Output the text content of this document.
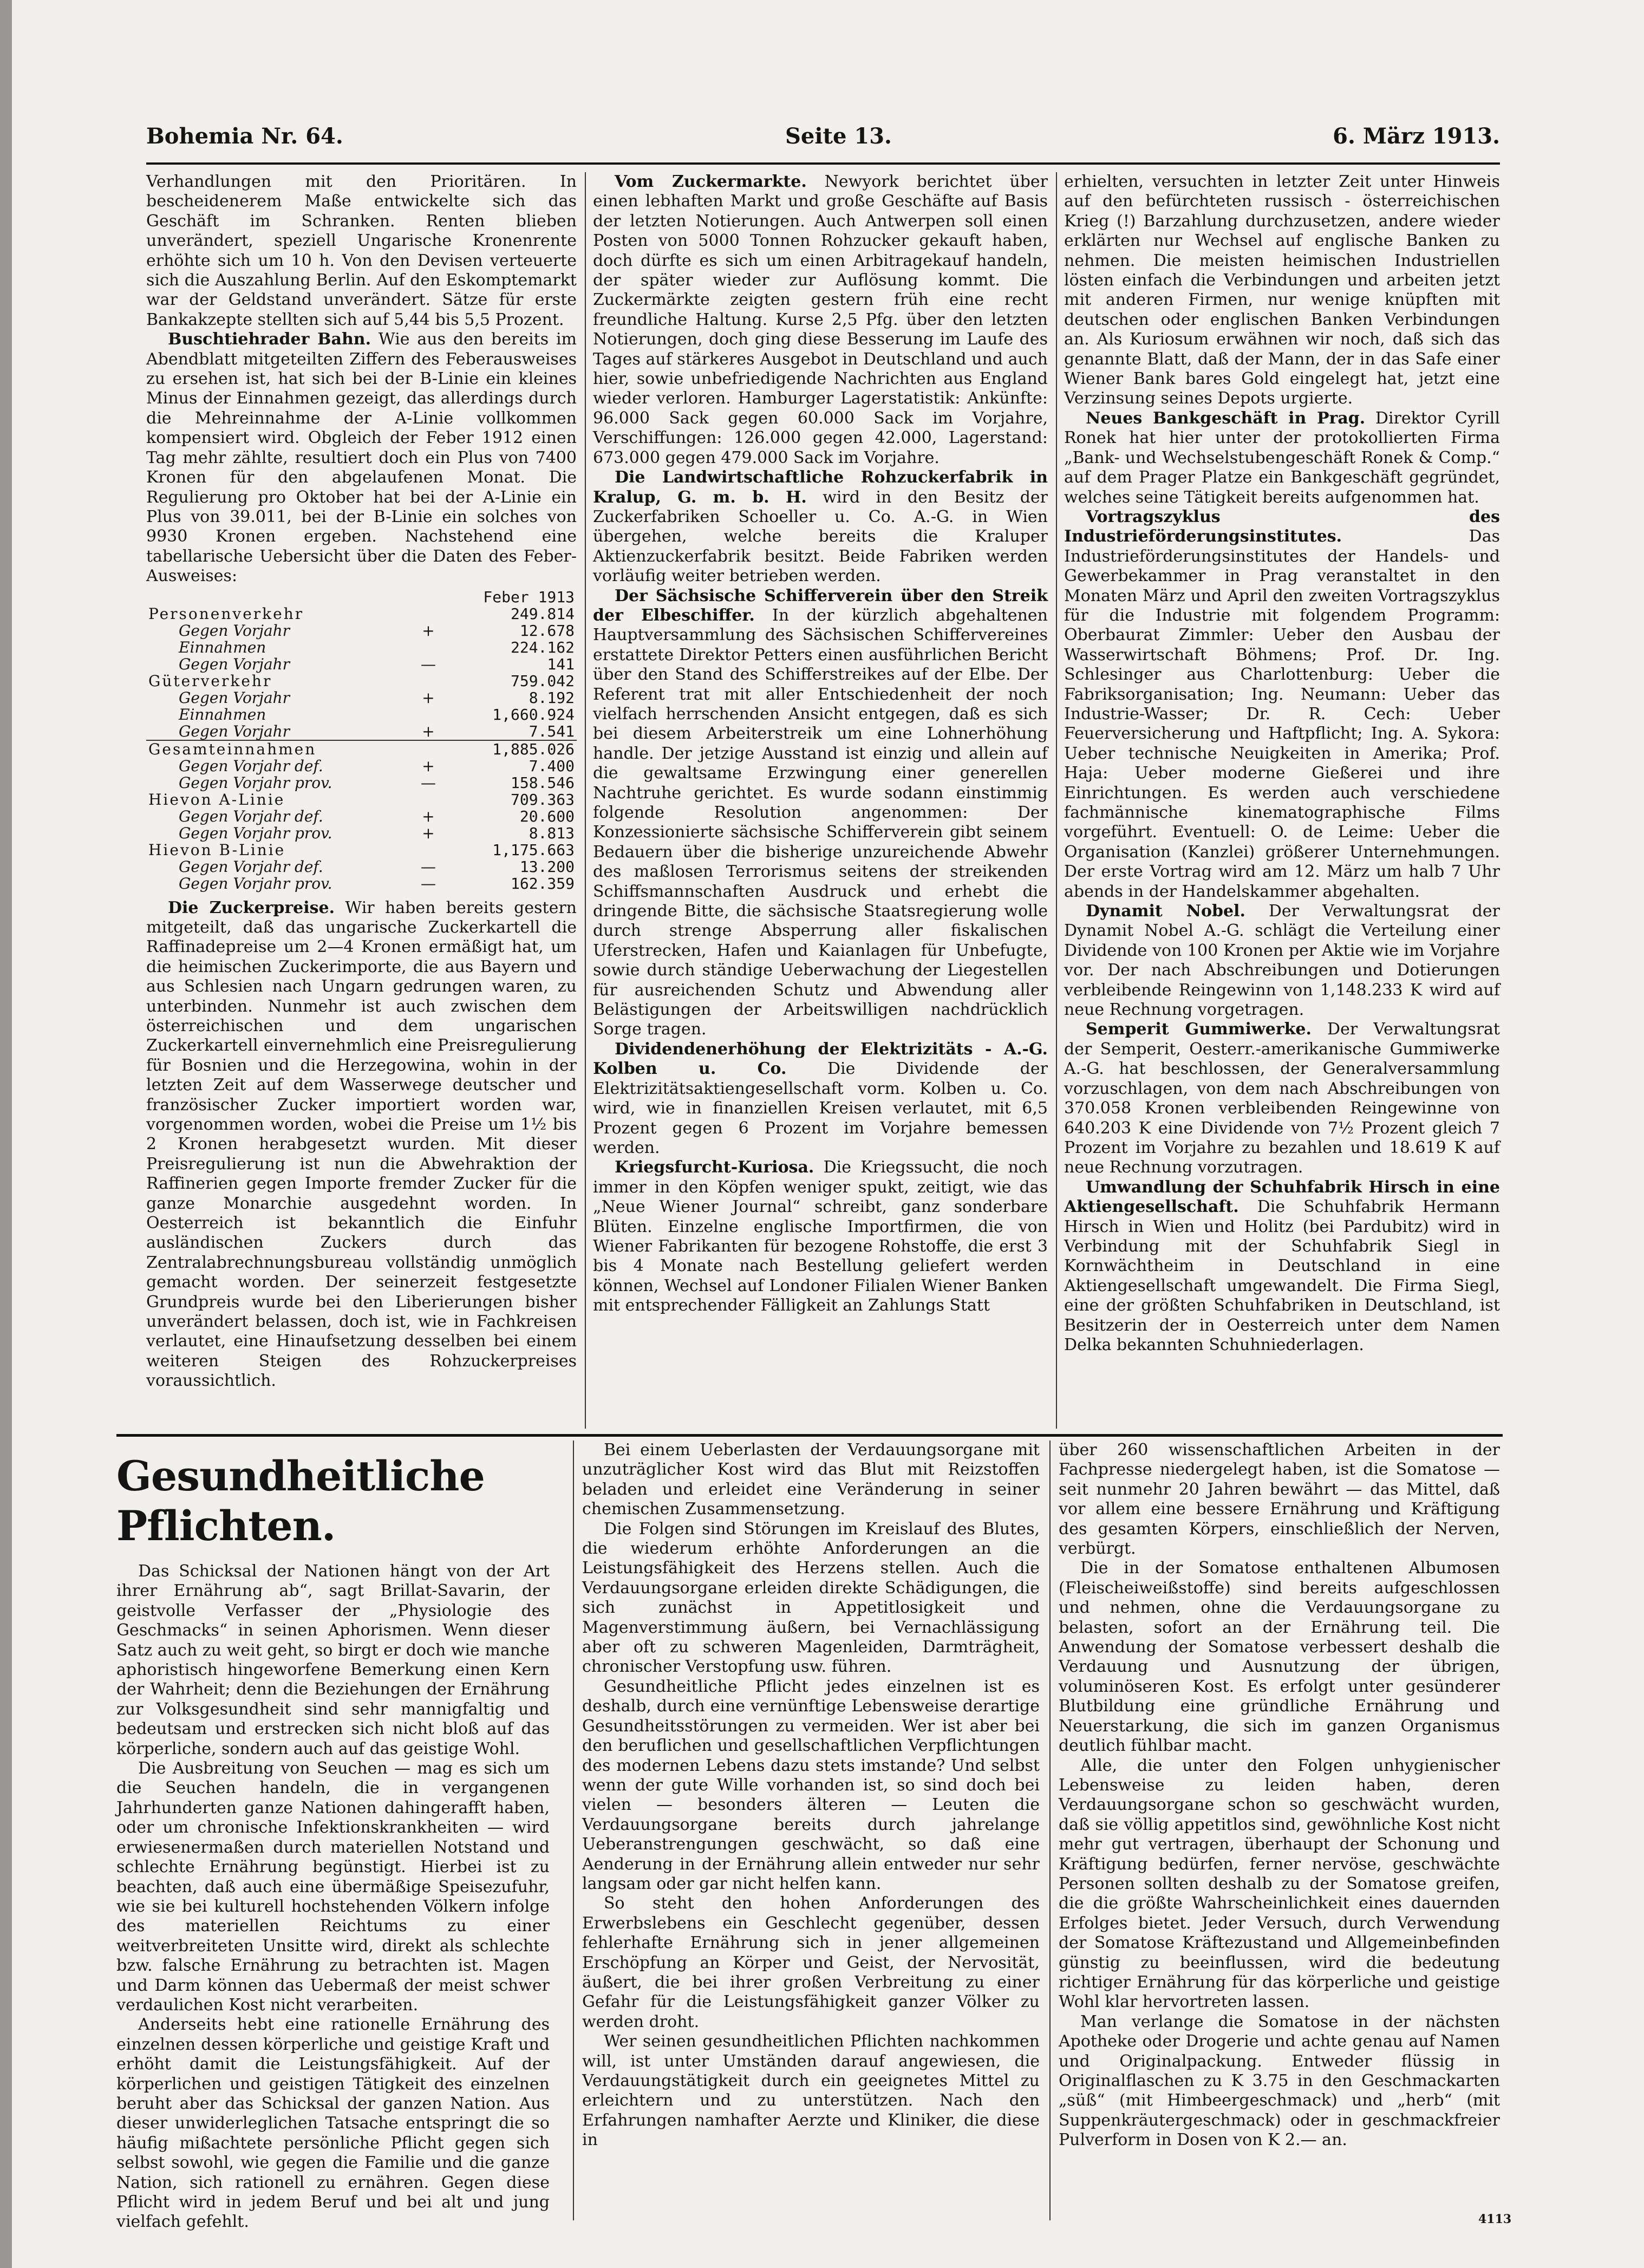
Bohemia Nr. 64.	Seite 13.	6. März 1913.

Verhandlungen mit den Prioritären. In bescheidenerem Maße entwickelte sich das Geschäft im Schranken. Renten blieben unverändert, speziell Ungarische Kronenrente erhöhte sich um 10 h. Von den Devisen verteuerte sich die Auszahlung Berlin. Auf den Eskomptemarkt war der Geldstand unverändert. Sätze für erste Bankakzepte stellten sich auf 5,44 bis 5,5 Prozent.

Buschtiehrader Bahn. Wie aus den bereits im Abendblatt mitgeteilten Ziffern des Feberausweises zu ersehen ist, hat sich bei der B-Linie ein kleines Minus der Einnahmen gezeigt, das allerdings durch die Mehreinnahme der A-Linie vollkommen kompensiert wird. Obgleich der Feber 1912 einen Tag mehr zählte, resultiert doch ein Plus von 7400 Kronen für den abgelaufenen Monat. Die Regulierung pro Oktober hat bei der A-Linie ein Plus von 39.011, bei der B-Linie ein solches von 9930 Kronen ergeben. Nachstehend eine tabellarische Uebersicht über die Daten des Feber-Ausweises:

		Feber 1913
Personenverkehr		249.814
Gegen Vorjahr	+	12.678
Einnahmen		224.162
Gegen Vorjahr	—	141
Güterverkehr		759.042
Gegen Vorjahr	+	8.192
Einnahmen		1,660.924
Gegen Vorjahr	+	7.541
Gesamteinnahmen		1,885.026
Gegen Vorjahr def.	+	7.400
Gegen Vorjahr prov.	—	158.546
Hievon A-Linie		709.363
Gegen Vorjahr def.	+	20.600
Gegen Vorjahr prov.	+	8.813
Hievon B-Linie		1,175.663
Gegen Vorjahr def.	—	13.200
Gegen Vorjahr prov.	—	162.359

Die Zuckerpreise. Wir haben bereits gestern mitgeteilt, daß das ungarische Zuckerkartell die Raffinadepreise um 2—4 Kronen ermäßigt hat, um die heimischen Zuckerimporte, die aus Bayern und aus Schlesien nach Ungarn gedrungen waren, zu unterbinden. Nunmehr ist auch zwischen dem österreichischen und dem ungarischen Zuckerkartell einvernehmlich eine Preisregulierung für Bosnien und die Herzegowina, wohin in der letzten Zeit auf dem Wasserwege deutscher und französischer Zucker importiert worden war, vorgenommen worden, wobei die Preise um 1½ bis 2 Kronen herabgesetzt wurden. Mit dieser Preisregulierung ist nun die Abwehraktion der Raffinerien gegen Importe fremder Zucker für die ganze Monarchie ausgedehnt worden. In Oesterreich ist bekanntlich die Einfuhr ausländischen Zuckers durch das Zentralabrechnungsbureau vollständig unmöglich gemacht worden. Der seinerzeit festgesetzte Grundpreis wurde bei den Liberierungen bisher unverändert belassen, doch ist, wie in Fachkreisen verlautet, eine Hinaufsetzung desselben bei einem weiteren Steigen des Rohzuckerpreises voraussichtlich.

Vom Zuckermarkte. Newyork berichtet über einen lebhaften Markt und große Geschäfte auf Basis der letzten Notierungen. Auch Antwerpen soll einen Posten von 5000 Tonnen Rohzucker gekauft haben, doch dürfte es sich um einen Arbitragekauf handeln, der später wieder zur Auflösung kommt. Die Zuckermärkte zeigten gestern früh eine recht freundliche Haltung. Kurse 2,5 Pfg. über den letzten Notierungen, doch ging diese Besserung im Laufe des Tages auf stärkeres Ausgebot in Deutschland und auch hier, sowie unbefriedigende Nachrichten aus England wieder verloren. Hamburger Lagerstatistik: Ankünfte: 96.000 Sack gegen 60.000 Sack im Vorjahre, Verschiffungen: 126.000 gegen 42.000, Lagerstand: 673.000 gegen 479.000 Sack im Vorjahre.

Die Landwirtschaftliche Rohzuckerfabrik in Kralup, G. m. b. H. wird in den Besitz der Zuckerfabriken Schoeller u. Co. A.-G. in Wien übergehen, welche bereits die Kraluper Aktienzuckerfabrik besitzt. Beide Fabriken werden vorläufig weiter betrieben werden.

Der Sächsische Schifferverein über den Streik der Elbeschiffer. In der kürzlich abgehaltenen Hauptversammlung des Sächsischen Schiffervereines erstattete Direktor Petters einen ausführlichen Bericht über den Stand des Schifferstreikes auf der Elbe. Der Referent trat mit aller Entschiedenheit der noch vielfach herrschenden Ansicht entgegen, daß es sich bei diesem Arbeiterstreik um eine Lohnerhöhung handle. Der jetzige Ausstand ist einzig und allein auf die gewaltsame Erzwingung einer generellen Nachtruhe gerichtet. Es wurde sodann einstimmig folgende Resolution angenommen: Der Konzessionierte sächsische Schifferverein gibt seinem Bedauern über die bisherige unzureichende Abwehr des maßlosen Terrorismus seitens der streikenden Schiffsmannschaften Ausdruck und erhebt die dringende Bitte, die sächsische Staatsregierung wolle durch strenge Absperrung aller fiskalischen Uferstrecken, Hafen und Kaianlagen für Unbefugte, sowie durch ständige Ueberwachung der Liegestellen für ausreichenden Schutz und Abwendung aller Belästigungen der Arbeitswilligen nachdrücklich Sorge tragen.

Dividendenerhöhung der Elektrizitäts - A.-G. Kolben u. Co. Die Dividende der Elektrizitätsaktiengesellschaft vorm. Kolben u. Co. wird, wie in finanziellen Kreisen verlautet, mit 6,5 Prozent gegen 6 Prozent im Vorjahre bemessen werden.

Kriegsfurcht-Kuriosa. Die Kriegssucht, die noch immer in den Köpfen weniger spukt, zeitigt, wie das „Neue Wiener Journal“ schreibt, ganz sonderbare Blüten. Einzelne englische Importfirmen, die von Wiener Fabrikanten für bezogene Rohstoffe, die erst 3 bis 4 Monate nach Bestellung geliefert werden können, Wechsel auf Londoner Filialen Wiener Banken mit entsprechender Fälligkeit an Zahlungs Statt

erhielten, versuchten in letzter Zeit unter Hinweis auf den befürchteten russisch - österreichischen Krieg (!) Barzahlung durchzusetzen, andere wieder erklärten nur Wechsel auf englische Banken zu nehmen. Die meisten heimischen Industriellen lösten einfach die Verbindungen und arbeiten jetzt mit anderen Firmen, nur wenige knüpften mit deutschen oder englischen Banken Verbindungen an. Als Kuriosum erwähnen wir noch, daß sich das genannte Blatt, daß der Mann, der in das Safe einer Wiener Bank bares Gold eingelegt hat, jetzt eine Verzinsung seines Depots urgierte.

Neues Bankgeschäft in Prag. Direktor Cyrill Ronek hat hier unter der protokollierten Firma „Bank- und Wechselstubengeschäft Ronek & Comp.“ auf dem Prager Platze ein Bankgeschäft gegründet, welches seine Tätigkeit bereits aufgenommen hat.

Vortragszyklus des Industrieförderungsinstitutes. Das Industrieförderungsinstitutes der Handels- und Gewerbekammer in Prag veranstaltet in den Monaten März und April den zweiten Vortragszyklus für die Industrie mit folgendem Programm: Oberbaurat Zimmler: Ueber den Ausbau der Wasserwirtschaft Böhmens; Prof. Dr. Ing. Schlesinger aus Charlottenburg: Ueber die Fabriksorganisation; Ing. Neumann: Ueber das Industrie-Wasser; Dr. R. Cech: Ueber Feuerversicherung und Haftpflicht; Ing. A. Sykora: Ueber technische Neuigkeiten in Amerika; Prof. Haja: Ueber moderne Gießerei und ihre Einrichtungen. Es werden auch verschiedene fachmännische kinematographische Films vorgeführt. Eventuell: O. de Leime: Ueber die Organisation (Kanzlei) größerer Unternehmungen. Der erste Vortrag wird am 12. März um halb 7 Uhr abends in der Handelskammer abgehalten.

Dynamit Nobel. Der Verwaltungsrat der Dynamit Nobel A.-G. schlägt die Verteilung einer Dividende von 100 Kronen per Aktie wie im Vorjahre vor. Der nach Abschreibungen und Dotierungen verbleibende Reingewinn von 1,148.233 K wird auf neue Rechnung vorgetragen.

Semperit Gummiwerke. Der Verwaltungsrat der Semperit, Oesterr.-amerikanische Gummiwerke A.-G. hat beschlossen, der Generalversammlung vorzuschlagen, von dem nach Abschreibungen von 370.058 Kronen verbleibenden Reingewinne von 640.203 K eine Dividende von 7½ Prozent gleich 7 Prozent im Vorjahre zu bezahlen und 18.619 K auf neue Rechnung vorzutragen.

Umwandlung der Schuhfabrik Hirsch in eine Aktiengesellschaft. Die Schuhfabrik Hermann Hirsch in Wien und Holitz (bei Pardubitz) wird in Verbindung mit der Schuhfabrik Siegl in Kornwächtheim in Deutschland in eine Aktiengesellschaft umgewandelt. Die Firma Siegl, eine der größten Schuhfabriken in Deutschland, ist Besitzerin der in Oesterreich unter dem Namen Delka bekannten Schuhniederlagen.

Gesundheitliche Pflichten.

Das Schicksal der Nationen hängt von der Art ihrer Ernährung ab“, sagt Brillat-Savarin, der geistvolle Verfasser der „Physiologie des Geschmacks“ in seinen Aphorismen. Wenn dieser Satz auch zu weit geht, so birgt er doch wie manche aphoristisch hingeworfene Bemerkung einen Kern der Wahrheit; denn die Beziehungen der Ernährung zur Volksgesundheit sind sehr mannigfaltig und bedeutsam und erstrecken sich nicht bloß auf das körperliche, sondern auch auf das geistige Wohl.

Die Ausbreitung von Seuchen — mag es sich um die Seuchen handeln, die in vergangenen Jahrhunderten ganze Nationen dahingerafft haben, oder um chronische Infektionskrankheiten — wird erwiesenermaßen durch materiellen Notstand und schlechte Ernährung begünstigt. Hierbei ist zu beachten, daß auch eine übermäßige Speisezufuhr, wie sie bei kulturell hochstehenden Völkern infolge des materiellen Reichtums zu einer weitverbreiteten Unsitte wird, direkt als schlechte bzw. falsche Ernährung zu betrachten ist. Magen und Darm können das Uebermaß der meist schwer verdaulichen Kost nicht verarbeiten.

Anderseits hebt eine rationelle Ernährung des einzelnen dessen körperliche und geistige Kraft und erhöht damit die Leistungsfähigkeit. Auf der körperlichen und geistigen Tätigkeit des einzelnen beruht aber das Schicksal der ganzen Nation. Aus dieser unwiderleglichen Tatsache entspringt die so häufig mißachtete persönliche Pflicht gegen sich selbst sowohl, wie gegen die Familie und die ganze Nation, sich rationell zu ernähren. Gegen diese Pflicht wird in jedem Beruf und bei alt und jung vielfach gefehlt.

Bei einem Ueberlasten der Verdauungsorgane mit unzuträglicher Kost wird das Blut mit Reizstoffen beladen und erleidet eine Veränderung in seiner chemischen Zusammensetzung.

Die Folgen sind Störungen im Kreislauf des Blutes, die wiederum erhöhte Anforderungen an die Leistungsfähigkeit des Herzens stellen. Auch die Verdauungsorgane erleiden direkte Schädigungen, die sich zunächst in Appetitlosigkeit und Magenverstimmung äußern, bei Vernachlässigung aber oft zu schweren Magenleiden, Darmträgheit, chronischer Verstopfung usw. führen.

Gesundheitliche Pflicht jedes einzelnen ist es deshalb, durch eine vernünftige Lebensweise derartige Gesundheitsstörungen zu vermeiden. Wer ist aber bei den beruflichen und gesellschaftlichen Verpflichtungen des modernen Lebens dazu stets imstande? Und selbst wenn der gute Wille vorhanden ist, so sind doch bei vielen — besonders älteren — Leuten die Verdauungsorgane bereits durch jahrelange Ueberanstrengungen geschwächt, so daß eine Aenderung in der Ernährung allein entweder nur sehr langsam oder gar nicht helfen kann.

So steht den hohen Anforderungen des Erwerbslebens ein Geschlecht gegenüber, dessen fehlerhafte Ernährung sich in jener allgemeinen Erschöpfung an Körper und Geist, der Nervosität, äußert, die bei ihrer großen Verbreitung zu einer Gefahr für die Leistungsfähigkeit ganzer Völker zu werden droht.

Wer seinen gesundheitlichen Pflichten nachkommen will, ist unter Umständen darauf angewiesen, die Verdauungstätigkeit durch ein geeignetes Mittel zu erleichtern und zu unterstützen. Nach den Erfahrungen namhafter Aerzte und Kliniker, die diese in

über 260 wissenschaftlichen Arbeiten in der Fachpresse niedergelegt haben, ist die Somatose — seit nunmehr 20 Jahren bewährt — das Mittel, daß vor allem eine bessere Ernährung und Kräftigung des gesamten Körpers, einschließlich der Nerven, verbürgt.

Die in der Somatose enthaltenen Albumosen (Fleischeiweißstoffe) sind bereits aufgeschlossen und nehmen, ohne die Verdauungsorgane zu belasten, sofort an der Ernährung teil. Die Anwendung der Somatose verbessert deshalb die Verdauung und Ausnutzung der übrigen, voluminöseren Kost. Es erfolgt unter gesünderer Blutbildung eine gründliche Ernährung und Neuerstarkung, die sich im ganzen Organismus deutlich fühlbar macht.

Alle, die unter den Folgen unhygienischer Lebensweise zu leiden haben, deren Verdauungsorgane schon so geschwächt wurden, daß sie völlig appetitlos sind, gewöhnliche Kost nicht mehr gut vertragen, überhaupt der Schonung und Kräftigung bedürfen, ferner nervöse, geschwächte Personen sollten deshalb zu der Somatose greifen, die die größte Wahrscheinlichkeit eines dauernden Erfolges bietet. Jeder Versuch, durch Verwendung der Somatose Kräftezustand und Allgemeinbefinden günstig zu beeinflussen, wird die bedeutung richtiger Ernährung für das körperliche und geistige Wohl klar hervortreten lassen.

Man verlange die Somatose in der nächsten Apotheke oder Drogerie und achte genau auf Namen und Originalpackung. Entweder flüssig in Originalflaschen zu K 3.75 in den Geschmackarten „süß“ (mit Himbeergeschmack) und „herb“ (mit Suppenkräutergeschmack) oder in geschmackfreier Pulverform in Dosen von K 2.— an.

4113
